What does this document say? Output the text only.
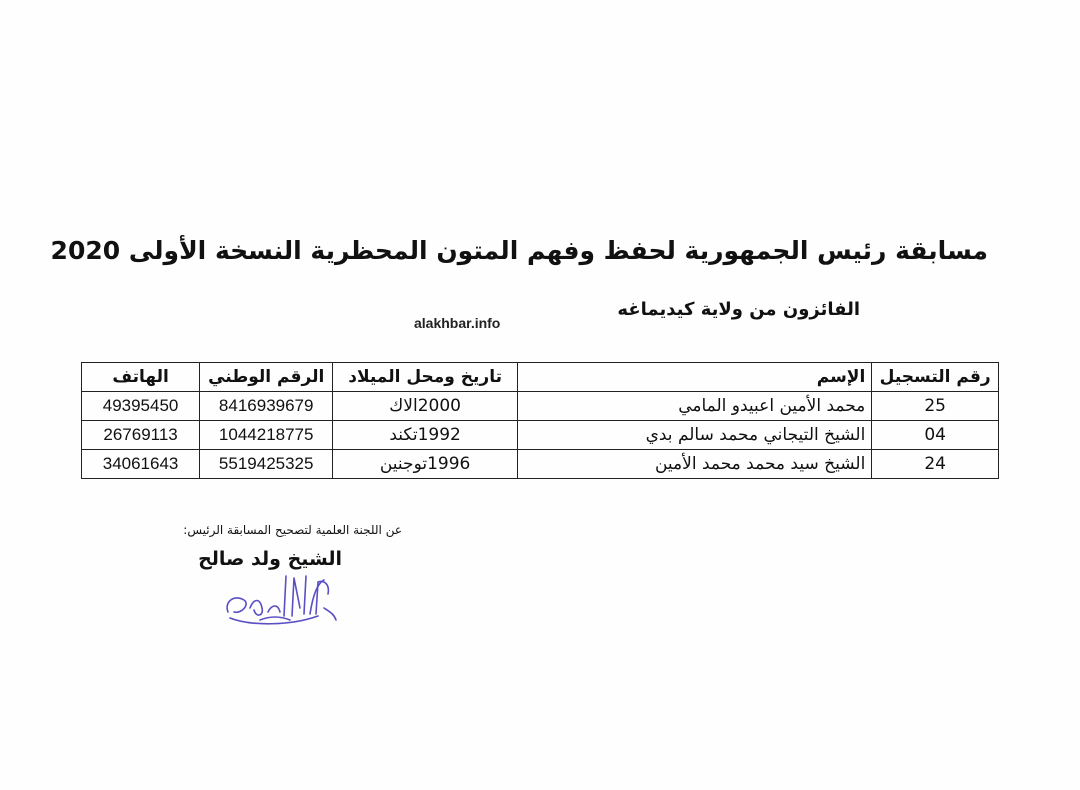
مسابقة رئيس الجمهورية لحفظ وفهم المتون المحظرية النسخة الأولى 2020
الفائزون من ولاية كيديماغه
alakhbar.info
رقم التسجيل	الإسم	تاريخ ومحل الميلاد	الرقم الوطني	الهاتف
25	محمد الأمين اعبيدو المامي	2000الاك	8416939679	49395450
04	الشيخ التيجاني محمد سالم بدي	1992تكند	1044218775	26769113
24	الشيخ سيد محمد محمد الأمين	1996توجنين	5519425325	34061643
عن اللجنة العلمية لتصحيح المسابقة الرئيس:
الشيخ ولد صالح
